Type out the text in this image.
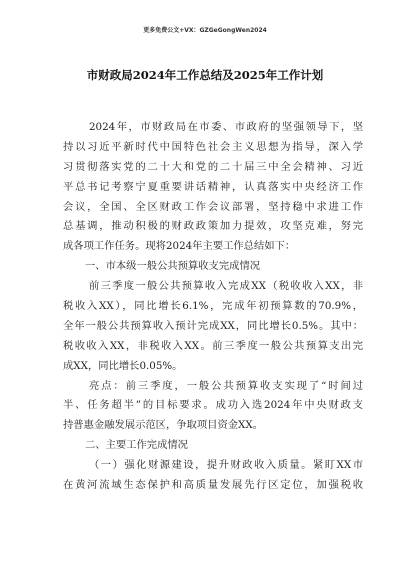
更多免费公文+VX：GZGeGongWen2024
市财政局2024年工作总结及2025年工作计划
2024年，市财政局在市委、市政府的坚强领导下，坚
持以习近平新时代中国特色社会主义思想为指导，深入学
习贯彻落实党的二十大和党的二十届三中全会精神、习近
平总书记考察宁夏重要讲话精神，认真落实中央经济工作
会议，全国、全区财政工作会议部署，坚持稳中求进工作
总基调，推动积极的财政政策加力提效，攻坚克难，努完
成各项工作任务。现将2024年主要工作总结如下：
一、市本级一般公共预算收支完成情况
前三季度一般公共预算收入完成XX（税收收入XX，非
税收入XX），同比增长6.1%，完成年初预算数的70.9%，
全年一般公共预算收入预计完成XX，同比增长0.5%。其中：
税收收入XX，非税收入XX。前三季度一般公共预算支出完
成XX，同比增长0.05%。
亮点：前三季度，一般公共预算收支实现了“时间过
半、任务超半”的目标要求。成功入选2024年中央财政支
持普惠金融发展示范区，争取项目资金XX。
二、主要工作完成情况
（一）强化财源建设，提升财政收入质量。紧盯XX市
在黄河流域生态保护和高质量发展先行区定位，加强税收
